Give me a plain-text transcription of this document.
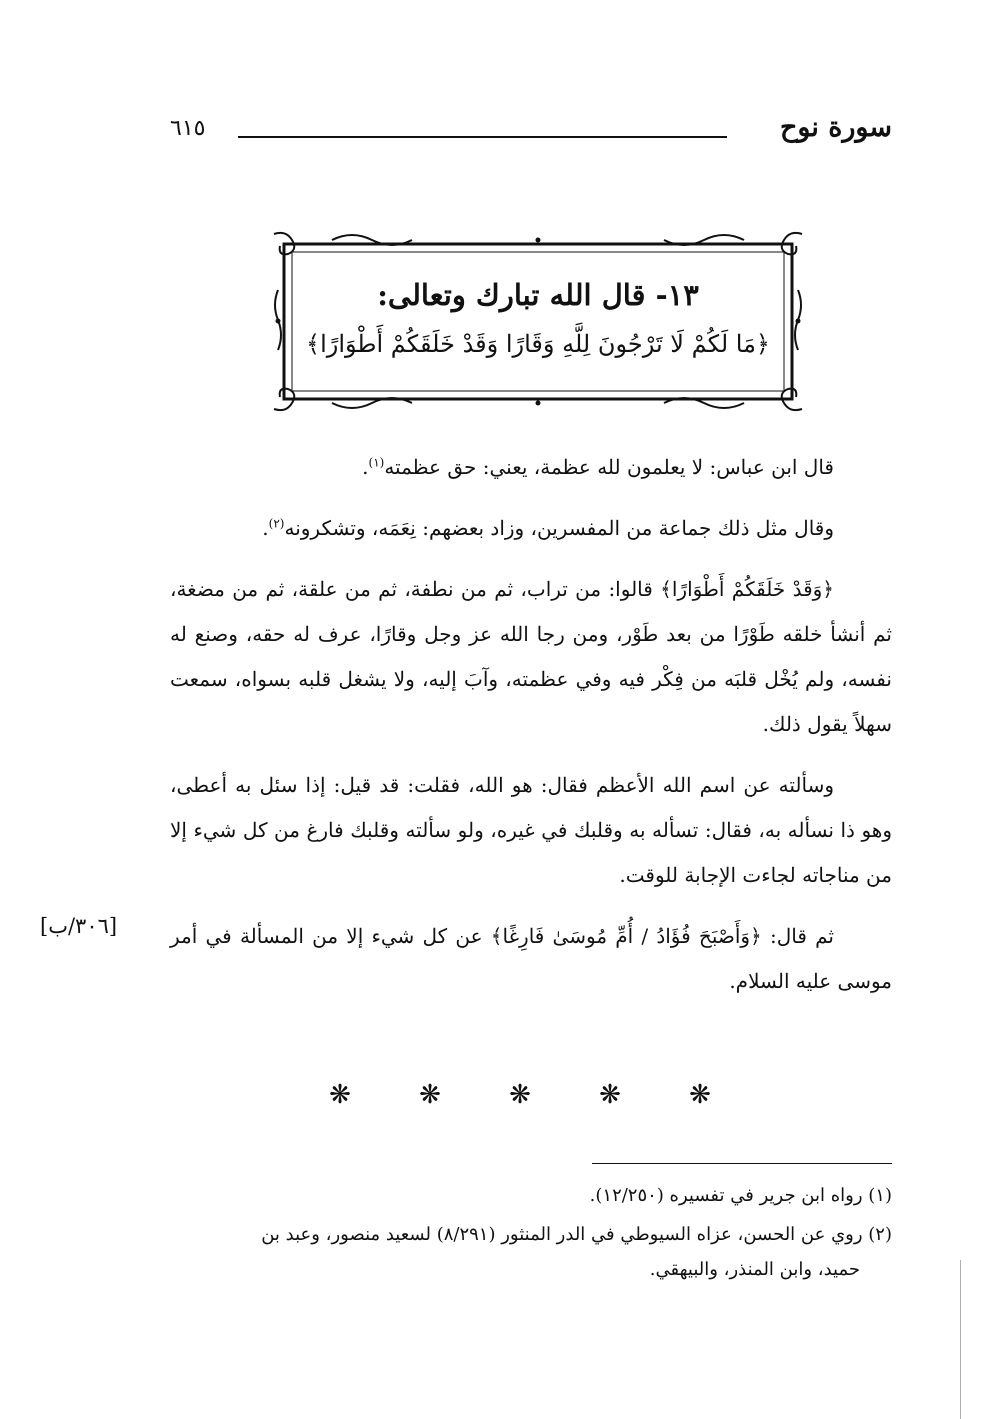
سورة نوح
٦١٥
١٣- قال الله تبارك وتعالى:
﴿مَا لَكُمْ لَا تَرْجُونَ لِلَّهِ وَقَارًا وَقَدْ خَلَقَكُمْ أَطْوَارًا﴾

قال ابن عباس: لا يعلمون لله عظمة، يعني: حق عظمته$^{(١)}$.

وقال مثل ذلك جماعة من المفسرين، وزاد بعضهم: نِعَمَه، وتشكرونه$^{(٢)}$.

﴿وَقَدْ خَلَقَكُمْ أَطْوَارًا﴾ قالوا: من تراب، ثم من نطفة، ثم من علقة، ثم من مضغة، ثم أنشأ خلقه طَوْرًا من بعد طَوْر، ومن رجا الله عز وجل وقارًا، عرف له حقه، وصنع له نفسه، ولم يُخْل قلبَه من فِكْر فيه وفي عظمته، وآبَ إليه، ولا يشغل قلبه بسواه، سمعت سهلاً يقول ذلك.

وسألته عن اسم الله الأعظم فقال: هو الله، فقلت: قد قيل: إذا سئل به أعطى، وهو ذا نسأله به، فقال: تسأله به وقلبك في غيره، ولو سألته وقلبك فارغ من كل شيء إلا من مناجاته لجاءت الإجابة للوقت.

ثم قال: ﴿وَأَصْبَحَ فُؤَادُ / أُمِّ مُوسَىٰ فَارِغًا﴾ عن كل شيء إلا من المسألة في أمر موسى عليه السلام.

[٣٠٦/ب]
❋	❋	❋	❋	❋

(١) رواه ابن جرير في تفسيره (١٢/٢٥٠).

(٢) روي عن الحسن، عزاه السيوطي في الدر المنثور (٨/٢٩١) لسعيد منصور، وعبد بن
حميد، وابن المنذر، والبيهقي.
